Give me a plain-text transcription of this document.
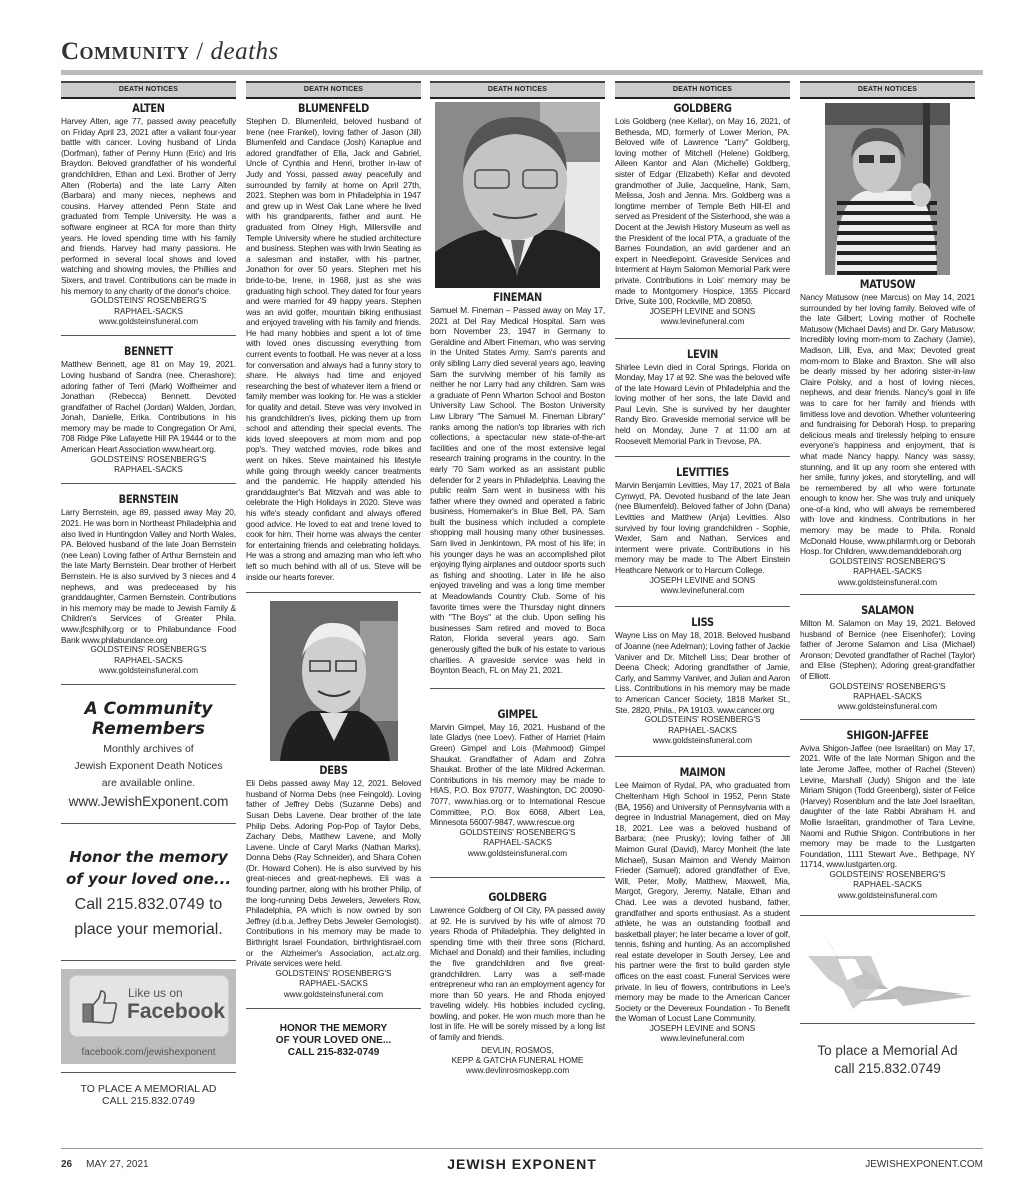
Community / deaths
DEATH NOTICES
ALTEN
Harvey Alten, age 77, passed away peacefully on Friday April 23, 2021 after a valiant four-year battle with cancer. Loving husband of Linda (Dorfman), father of Penny Hunn (Eric) and Iris Braydon. Beloved grandfather of his wonderful grandchildren, Ethan and Lexi. Brother of Jerry Alten (Roberta) and the late Larry Alten (Barbara) and many nieces, nephews and cousins. Harvey attended Penn State and graduated from Temple University. He was a software engineer at RCA for more than thirty years. He loved spending time with his family and friends. Harvey had many passions. He performed in several local shows and loved watching and showing movies, the Phillies and Sixers, and travel. Contributions can be made in his memory to any charity of the donor's choice.
GOLDSTEINS' ROSENBERG'S
RAPHAEL-SACKS
www.goldsteinsfuneral.com
BENNETT
Matthew Bennett, age 81 on May 19, 2021. Loving husband of Sandra (nee. Cherashore); adoring father of Terri (Mark) Wolfheimer and Jonathan (Rebecca) Bennett. Devoted grandfather of Rachel (Jordan) Walden, Jordan, Jonah, Danielle, Erika. Contributions in his memory may be made to Congregation Or Ami, 708 Ridge Pike Lafayette Hill PA 19444 or to the American Heart Association www.heart.org.
GOLDSTEINS' ROSENBERG'S
RAPHAEL-SACKS
BERNSTEIN
Larry Bernstein, age 89, passed away May 20, 2021. He was born in Northeast Philadelphia and also lived in Huntingdon Valley and North Wales, PA. Beloved husband of the late Joan Bernstein (nee Lean) Loving father of Arthur Bernstein and the late Marty Bernstein. Dear brother of Herbert Bernstein. He is also survived by 3 nieces and 4 nephews, and was predeceased by his granddaughter, Carmen Bernstein. Contributions in his memory may be made to Jewish Family & Children's Services of Greater Phila. www.jfcsphilly.org or to Philabundance Food Bank www.philabundance.org
GOLDSTEINS' ROSENBERG'S
RAPHAEL-SACKS
www.goldsteinsfuneral.com
A Community
Remembers
Monthly archives of
Jewish Exponent Death Notices
are available online.
www.JewishExponent.com
Honor the memory
of your loved one...
Call 215.832.0749 to
place your memorial.
Like us on
Facebook
facebook.com/jewishexponent
TO PLACE A MEMORIAL AD
CALL 215.832.0749
DEATH NOTICES
BLUMENFELD
Stephen D. Blumenfeld, beloved husband of Irene (nee Frankel), loving father of Jason (Jill) Blumenfeld and Candace (Josh) Kanaplue and adored grandfather of Ella, Jack and Gabriel, Uncle of Cynthia and Henri, brother in-law of Judy and Yossi, passed away peacefully and surrounded by family at home on April 27th, 2021. Stephen was born in Philadelphia in 1947 and grew up in West Oak Lane where he lived with his grandparents, father and aunt. He graduated from Olney High, Millersville and Temple University where he studied architecture and business. Stephen was with Irwin Seating as a salesman and installer, with his partner, Jonathon for over 50 years. Stephen met his bride-to-be, Irene, in 1968, just as she was graduating high school. They dated for four years and were married for 49 happy years. Stephen was an avid golfer, mountain biking enthusiast and enjoyed traveling with his family and friends. He had many hobbies and spent a lot of time with loved ones discussing everything from current events to football. He was never at a loss for conversation and always had a funny story to share. He always had time and enjoyed researching the best of whatever item a friend or family member was looking for. He was a stickler for quality and detail. Steve was very involved in his grandchildren's lives, picking them up from school and attending their special events. The kids loved sleepovers at mom mom and pop pop's. They watched movies, rode bikes and went on hikes. Steve maintained his lifestyle while going through weekly cancer treatments and the pandemic. He happily attended his granddaughter's Bat Mitzvah and was able to celebrate the High Holidays in 2020. Steve was his wife's steady confidant and always offered good advice. He loved to eat and Irene loved to cook for him. Their home was always the center for entertaining friends and celebrating holidays. He was a strong and amazing man who left who left so much behind with all of us. Steve will be inside our hearts forever.
DEBS
Eli Debs passed away May 12, 2021. Beloved husband of Norma Debs (nee Feingold). Loving father of Jeffrey Debs (Suzanne Debs) and Susan Debs Lavene. Dear brother of the late Philip Debs. Adoring Pop-Pop of Taylor Debs, Zachary Debs, Matthew Lavene, and Molly Lavene. Uncle of Caryl Marks (Nathan Marks), Donna Debs (Ray Schneider), and Shara Cohen (Dr. Howard Cohen). He is also survived by his great-nieces and great-nephews. Eli was a founding partner, along with his brother Philip, of the long-running Debs Jewelers, Jewelers Row, Philadelphia, PA which is now owned by son Jeffrey (d.b.a. Jeffrey Debs Jeweler Gemologist). Contributions in his memory may be made to Birthright Israel Foundation, birthrightisrael.com or the Alzheimer's Association, act.alz.org. Private services were held.
GOLDSTEINS' ROSENBERG'S
RAPHAEL-SACKS
www.goldsteinsfuneral.com
HONOR THE MEMORY
OF YOUR LOVED ONE...
CALL 215-832-0749
DEATH NOTICES
FINEMAN
Samuel M. Fineman – Passed away on May 17, 2021 at Del Ray Medical Hospital. Sam was born November 23, 1947 in Germany to Geraldine and Albert Fineman, who was serving in the United States Army. Sam's parents and only sibling Larry died several years ago, leaving Sam the surviving member of his family as neither he nor Larry had any children. Sam was a graduate of Penn Wharton School and Boston University Law School. The Boston University Law Library "The Samuel M. Fineman Library" ranks among the nation's top libraries with rich collections, a spectacular new state-of-the-art facilities and one of the most extensive legal research training programs in the country. In the early '70 Sam worked as an assistant public defender for 2 years in Philadelphia. Leaving the public realm Sam went in business with his father where they owned and operated a fabric business, Homemaker's in Blue Bell, PA. Sam built the business which included a complete shopping mall housing many other businesses. Sam lived in Jenkintown, PA most of his life; in his younger days he was an accomplished pilot enjoying flying airplanes and outdoor sports such as fishing and shooting. Later in life he also enjoyed traveling and was a long time member at Meadowlands Country Club. Some of his favorite times were the Thursday night dinners with "The Boys" at the club. Upon selling his businesses Sam retired and moved to Boca Raton, Florida several years ago. Sam generously gifted the bulk of his estate to various charities. A graveside service was held in Boynton Beach, FL on May 21, 2021.
GIMPEL
Marvin Gimpel, May 16, 2021. Husband of the late Gladys (nee Loev). Father of Harriet (Haim Green) Gimpel and Lois (Mahmood) Gimpel Shaukat. Grandfather of Adam and Zohra Shaukat. Brother of the late Mildred Ackerman. Contributions in his memory may be made to HIAS, P.O. Box 97077, Washington, DC 20090-7077, www.hias.org or to International Rescue Committee, P.O. Box 6068, Albert Lea, Minnesota 56007-9847, www.rescue.org
GOLDSTEINS' ROSENBERG'S
RAPHAEL-SACKS
www.goldsteinsfuneral.com
GOLDBERG
Lawrence Goldberg of Oil City, PA passed away at 92. He is survived by his wife of almost 70 years Rhoda of Philadelphia. They delighted in spending time with their three sons (Richard, Michael and Donald) and their families, including the five grandchildren and five great-grandchildren. Larry was a self-made entrepreneur who ran an employment agency for more than 50 years. He and Rhoda enjoyed traveling widely. His hobbies included cycling, bowling, and poker. He won much more than he lost in life. He will be sorely missed by a long list of family and friends.
DEVLIN, ROSMOS,
KEPP & GATCHA FUNERAL HOME
www.devlinrosmoskepp.com
DEATH NOTICES
GOLDBERG
Lois Goldberg (nee Kellar), on May 16, 2021, of Bethesda, MD, formerly of Lower Merion, PA. Beloved wife of Lawrence "Larry" Goldberg, loving mother of Mitchell (Helene) Goldberg, Aileen Kantor and Alan (Michelle) Goldberg, sister of Edgar (Elizabeth) Kellar and devoted grandmother of Julie, Jacqueline, Hank, Sam, Melissa, Josh and Jenna. Mrs. Goldberg was a longtime member of Temple Beth Hill-El and served as President of the Sisterhood, she was a Docent at the Jewish History Museum as well as the President of the local PTA, a graduate of the Barnes Foundation, an avid gardener and an expert in Needlepoint. Graveside Services and Interment at Haym Salomon Memorial Park were private. Contributions in Lois' memory may be made to Montgomery Hospice, 1355 Piccard Drive, Suite 100, Rockville, MD 20850.
JOSEPH LEVINE and SONS
www.levinefuneral.com
LEVIN
Shirlee Levin died in Coral Springs, Florida on Monday, May 17 at 92. She was the beloved wife of the late Howard Levin of Philadelphia and the loving mother of her sons, the late David and Paul Levin. She is survived by her daughter Randy Biro. Graveside memorial service will be held on Monday, June 7 at 11:00 am at Roosevelt Memorial Park in Trevose, PA.
LEVITTIES
Marvin Benjamin Levitties, May 17, 2021 of Bala Cynwyd, PA. Devoted husband of the late Jean (nee Blumenfeld). Beloved father of John (Dana) Levitties and Matthew (Anja) Levitties. Also survived by four loving grandchildren - Sophie, Wexler, Sam and Nathan. Services and interment were private. Contributions in his memory may be made to The Albert Einstein Heathcare Network or to Harcum College.
JOSEPH LEVINE and SONS
www.levinefuneral.com
LISS
Wayne Liss on May 18, 2018. Beloved husband of Joanne (nee Adelman); Loving father of Jackie Vaniver and Dr. Mitchell Liss; Dear brother of Deena Check; Adoring grandfather of Jamie, Carly, and Sammy Vaniver, and Julian and Aaron Liss. Contributions in his memory may be made to American Cancer Society, 1818 Market St., Ste. 2820, Phila., PA 19103. www.cancer.org
GOLDSTEINS' ROSENBERG'S
RAPHAEL-SACKS
www.goldsteinsfuneral.com
MAIMON
Lee Maimon of Rydal, PA, who graduated from Cheltenham High School in 1952, Penn State (BA, 1956) and University of Pennsylvania with a degree in Industrial Management, died on May 18, 2021. Lee was a beloved husband of Barbara; (nee Prusky); loving father of Jill Maimon Gural (David), Marcy Monheit (the late Michael), Susan Maimon and Wendy Maimon Frieder (Samuel); adored grandfather of Eve, Will, Peter, Molly, Matthew, Maxwell, Mia, Margot, Gregory, Jeremy, Natalie, Ethan and Chad. Lee was a devoted husband, father, grandfather and sports enthusiast. As a student athlete, he was an outstanding football and basketball player; he later became a lover of golf, tennis, fishing and hunting. As an accomplished real estate developer in South Jersey, Lee and his partner were the first to build garden style offices on the east coast. Funeral Services were private. In lieu of flowers, contributions in Lee's memory may be made to the American Cancer Society or the Devereux Foundation - To Benefit the Woman of Locust Lane Community.
JOSEPH LEVINE and SONS
www.levinefuneral.com
DEATH NOTICES
MATUSOW
Nancy Matusow (nee Marcus) on May 14, 2021 surrounded by her loving family. Beloved wife of the late Gilbert; Loving mother of Rochelle Matusow (Michael Davis) and Dr. Gary Matusow; Incredibly loving mom-mom to Zachary (Jamie), Madison, Lilli, Eva, and Max; Devoted great mom-mom to Blake and Braxton. She will also be dearly missed by her adoring sister-in-law Claire Polsky, and a host of loving nieces, nephews, and dear friends. Nancy's goal in life was to care for her family and friends with limitless love and devotion. Whether volunteering and fundraising for Deborah Hosp. to preparing delicious meals and tirelessly helping to ensure everyone's happiness and enjoyment, that is what made Nancy happy. Nancy was sassy, stunning, and lit up any room she entered with her smile, funny jokes, and storytelling, and will be remembered by all who were fortunate enough to know her. She was truly and uniquely one-of-a kind, who will always be remembered with love and kindness. Contributions in her memory may be made to Phila. Ronald McDonald House, www.philarmh.org or Deborah Hosp. for Children, www.demanddeborah.org
GOLDSTEINS' ROSENBERG'S
RAPHAEL-SACKS
www.goldsteinsfuneral.com
SALAMON
Milton M. Salamon on May 19, 2021. Beloved husband of Bernice (nee Eisenhofer); Loving father of Jerome Salamon and Lisa (Michael) Aronson; Devoted grandfather of Rachel (Taylor) and Elise (Stephen); Adoring great-grandfather of Elliott.
GOLDSTEINS' ROSENBERG'S
RAPHAEL-SACKS
www.goldsteinsfuneral.com
SHIGON-JAFFEE
Aviva Shigon-Jaffee (nee Israelitan) on May 17, 2021. Wife of the late Norman Shigon and the late Jerome Jaffee, mother of Rachel (Steven) Levine, Marshall (Judy) Shigon and the late Miriam Shigon (Todd Greenberg), sister of Felice (Harvey) Rosenblum and the late Joel Israelitan, daughter of the late Rabbi Abraham H. and Mollie Israelitan, grandmother of Tara Levine, Naomi and Ruthie Shigon. Contributions in her memory may be made to the Lustgarten Foundation, 1111 Stewart Ave., Bethpage, NY 11714, www.lustgarten.org.
GOLDSTEINS' ROSENBERG'S
RAPHAEL-SACKS
www.goldsteinsfuneral.com
To place a Memorial Ad
call 215.832.0749
26 MAY 27, 2021	JEWISH EXPONENT	JEWISHEXPONENT.COM
